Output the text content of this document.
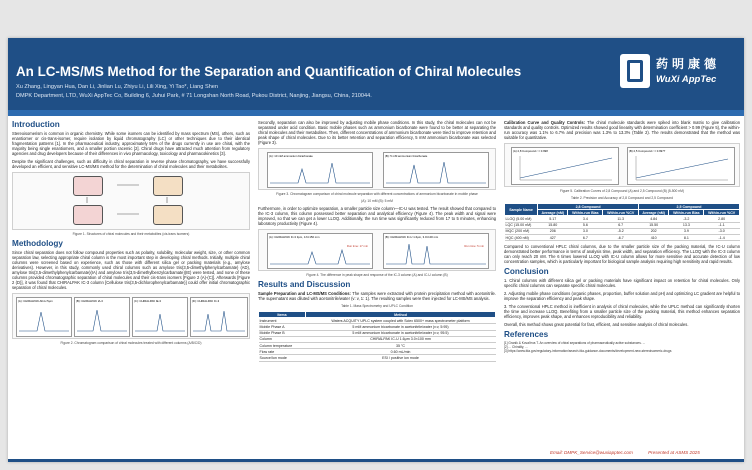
An LC-MS/MS Method for the Separation and Quantification of Chiral Molecules
Xu Zhang, Lingyan Hua, Dan Li, Jinlian Lu, Zhiyu Li, Lili Xing, Yi Tao*, Liang Shen
DMPK Department, LTD, WuXi AppTec Co, Building 6, Juhui Park, # 71 Longshan North Road, Pukou District, Nanjing, Jiangsu, China, 210044.
药明康德
WuXi AppTec
Introduction

Stereoisomerism is common in organic chemistry. While some isomers can be identified by mass spectrum (MS), others, such as enantiomer or cis-trans-isomer, require isolation by liquid chromatography (LC) or other techniques due to their identical fragmentation patterns [1]. In the pharmaceutical industry, approximately 56% of the drugs currently in use are chiral, with the majority being single enantiomers, and a smaller portion racemic [2]. Chiral drugs have attracted much attention from regulatory agencies and drug developers because of their differences in vivo pharmacology, toxicology and pharmacokinetics [3].

Despite the significant challenges, such as difficulty in chiral separation in reverse phase chromatography, we have successfully developed an efficient, and sensitive LC-MS/MS method for the determination of chiral molecules and their metabolites.

Figure 1. Structures of chiral molecules and their metabolites (cis-trans isomers)
Methodology

Since chiral separation does not follow compound properties such as polarity, solubility, molecular weight, size, or other common separation law, selecting appropriate chiral column is the most important step in developing chiral methods. Initially, multiple chiral columns were screened based on experience, such as those with different silica gel or packing materials (e.g., amylose derivatives). However, in this study, commonly used chiral columns such as amylose tris(3,5-dimethylphenylcarbamate) (AD), amylose tris(3,5-dimethylphenylcarbamate)(IA) and amylose tris(3,5-dimethylbenzylcarbamate)(IE) were tested, and none of these columns provided chromatographic separation of chiral molecules and their cis-trans isomers [Figure 2 (A)-(C)]. Afterwards [Figure 2 (D)], it was found that CHIRALPAK IC-3 column [Cellulose tris(3,5-dichlorophenylcarbamate)] could offer initial chromatographic separation of chiral molecules.

(A): CHIRALPAK AD-H 5μm	(B): CHIRALPAK IA-3	(C): CHIRALPAK IE-3	(D): CHIRALPAK IC-3
Figure 2. Chromatogram comparison of chiral molecules treated with different columns (A/B/C/D)

Secondly, separation can also be improved by adjusting mobile phase conditions. In this study, the chiral molecules can not be separated under acid condition. Basic mobile phases such as ammonium bicarbonate were found to be better at separating the chiral molecules and their metabolites. Then, different concentrations of ammonium bicarbonate were tried to improve retention and peak shape of chiral molecules. Due to its better retention and separation efficiency, 5 mM ammonium bicarbonate was selected (Figure 3).

(A): 10 mM ammonium bicarbonate	(B): 5 mM ammonium bicarbonate
Figure 3. Chromatogram comparison of chiral molecule separation with different concentrations of ammonium bicarbonate in mobile phase
(A): 10 mM (B): 5 mM

Furthermore, in order to optimize separation, a smaller particle size column—IC-U was tested. The result showed that compared to the IC-3 column, this column possessed better separation and analytical efficiency (Figure 4). The peak width and signal were improved, so that we can get a lower LLOQ. Additionally, the run time was significantly reduced from 17 to 5 minutes, enhancing laboratory productivity (Figure 4).

(A): CHIRALPAK IC-3 3μm, 4.6×150 mm
Run time: 17 min
(B): CHIRALPAK IC-U 1.6μm, 3.0×100 mm
Run time: 5 min
Figure 4. The difference in peak shape and response of the IC-3 column (A) and IC-U column (B)
Results and Discussion

Sample Preparation and LC-MS/MS Conditions: The samples were extracted with protein precipitation method with acetonitrile. The supernatant was diluted with acetonitrile/water (v: v, 1: 1). The resulting samples were then injected for LC-MS/MS analysis.

Table 1. Mass Spectrometry and UPLC Condition
Items	Method
Instrument	Waters ACQUITY UPLC system coupled with Sciex 6500+ mass spectrometer platform
Mobile Phase A	5 mM ammonium bicarbonate in acetonitrile/water (v:v, 5:95)
Mobile Phase B	5 mM ammonium bicarbonate in acetonitrile/water (v:v, 95:5)
Column	CHIRALPAK IC-U 1.6μm 3.0×100 mm
Column temperature	35 °C
Flow rate	0.60 mL/min
Source/Ion mode	ESI / positive ion mode

Calibration Curve and Quality Controls: The chiral molecule standards were spiked into blank matrix to give calibration standards and quality controls. Optimized results showed good linearity with determination coefficient > 0.99 (Figure 5), the within-run accuracy was 1.1% to 6.7% and precision was 1.3% to 13.3% (Table 2). The results demonstrated that the method was suitable for quantitative.

(A) 2,8 Compound r = 0.998	(B) 2,5 Compound r = 0.9977
Figure 5. Calibration Curves of 2,8 Compound (A) and 2,5 Compound (B) (5-500 nM)
Table 2. Precision and Accuracy of 2,8 Compound and 2,5 Compound
Sample Name	2,8 Compound			2,5 Compound		
	Average (nM)	Within-run Bias	Within-run %CV	Average (nM)	Within-run Bias	Within-run %CV
LLOQ (5.00 nM)	5.17	3.4	11.3	4.84	-3.2	2.80
LQC (15.00 nM)	15.80	5.6	6.7	15.50	13.3	-1.1
MQC (200 nM)	206	3.0	-5.2	202	3.9	-3.0
HQC (400 nM)	427	6.7	-6.7	410	8.1	-1.4

Compared to conventional HPLC chiral columns, due to the smaller particle size of the packing material, the IC-U column demonstrated better performance in terms of analysis time, peak width, and separation efficiency. The LLOQ with the IC-3 column can only reach 20 nM. The 6 times lowered LLOQ with IC-U column allows for more sensitive and accurate detection of low concentration samples, which is particularly important for biological sample analysis requiring high sensitivity and rapid results.

Conclusion

1. Chiral columns with different silica gel or packing materials have significant impact on retention for chiral molecules. Only specific chiral columns can separate specific chiral molecules.

2. Adjusting mobile phase conditions (organic phases, proportion, buffer solution and pH) and optimizing LC gradient are helpful to improve the separation efficiency and peak shape.

3. The conventional HPLC method is inefficient in analysis of chiral molecules, while the UPLC method can significantly shorten the time and increase LLOQ. Benefiting from a smaller particle size of the packing material, this method enhances separation efficiency, improves peak shape, and enhances reproducibility and reliability.

Overall, this method shows great potential for fast, efficient, and sensitive analysis of chiral molecules.

References
[1] Granik & Koval'eva T. An overview of chiral separations of pharmaceutically active substances. ...
[2] ... Chirality, ...
[3] https://www.fda.gov/regulatory-information/search-fda-guidance-documents/development-new-stereoisomeric-drugs
Email: DMPK_Service@wuxiapptec.com	Presented at ASMS 2025
